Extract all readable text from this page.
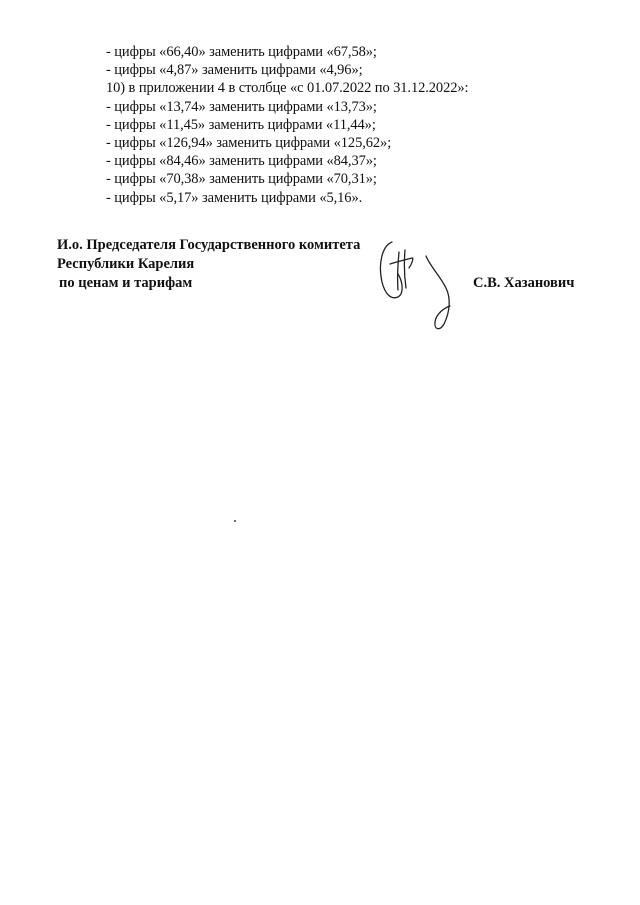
- цифры «66,40» заменить цифрами «67,58»;
- цифры «4,87» заменить цифрами «4,96»;
10) в приложении 4 в столбце «с 01.07.2022 по 31.12.2022»:
- цифры «13,74» заменить цифрами «13,73»;
- цифры «11,45» заменить цифрами «11,44»;
- цифры «126,94» заменить цифрами «125,62»;
- цифры «84,46» заменить цифрами «84,37»;
- цифры «70,38» заменить цифрами «70,31»;
- цифры «5,17» заменить цифрами «5,16».
И.о. Председателя Государственного комитета
Республики Карелия
по ценам и тарифам	С.В. Хазанович
